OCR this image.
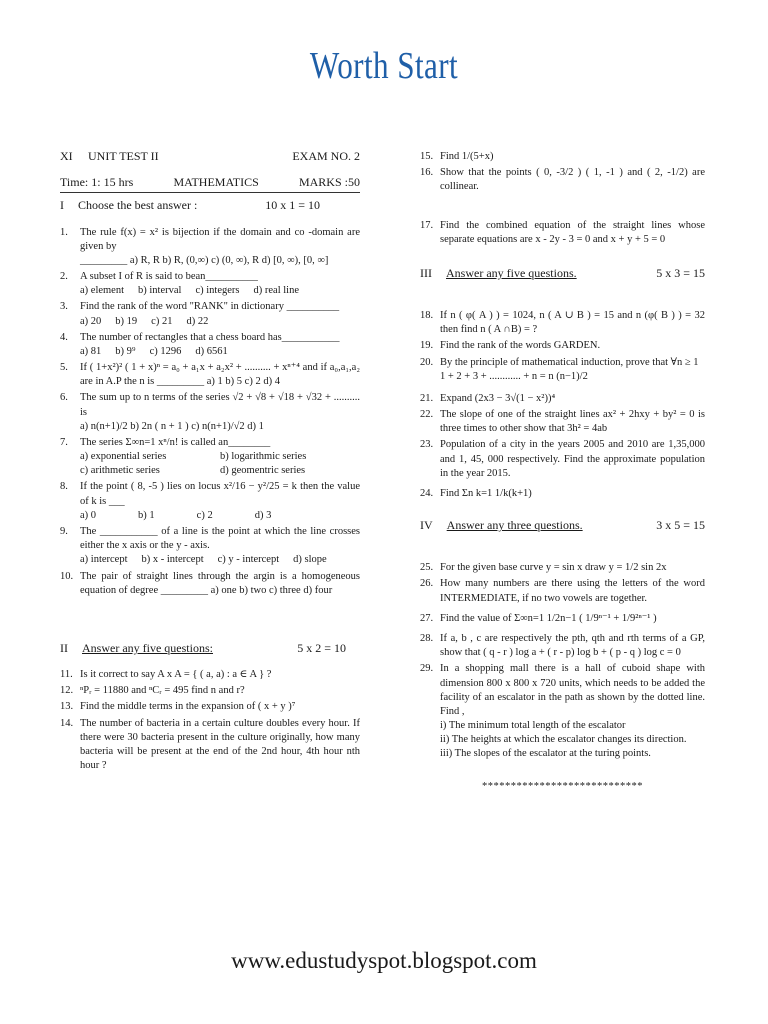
Worth Start
XI	UNIT TEST II	EXAM NO. 2
Time: 1: 15 hrs	MATHEMATICS	MARKS :50
I Choose the best answer :	10 x 1 = 10
1.	The rule f(x) = x² is bijection if the domain and co -domain are given by
_________ a) R, R b) R, (0,∞) c) (0, ∞), R d) [0, ∞), [0, ∞]
2.	A subset I of R is said to bean__________
a) element b) interval c) integers d) real line
3.	Find the rank of the word "RANK" in dictionary __________
a) 20 b) 19 c) 21 d) 22
4.	The number of rectangles that a chess board has___________
a) 81 b) 9⁹ c) 1296 d) 6561
5.	If ( 1+x²)² ( 1 + x)ⁿ = a₀ + a₁x + a₂x² + .......... + xⁿ⁺⁴ and if a₀,a₁,a₂ are in A.P the n is _________ a) 1 b) 5 c) 2 d) 4
6.	The sum up to n terms of the series √2 + √8 + √18 + √32 + .......... is
a) n(n+1)/2 b) 2n ( n + 1 ) c) n(n+1)/√2 d) 1
7.	The series Σ∞n=1 xⁿ/n! is called an________
a) exponential series	b) logarithmic series
c) arithmetic series	d) geomentric series
8.	If the point ( 8, -5 ) lies on locus x²/16 − y²/25 = k then the value of k is ___
a) 0	b) 1	c) 2	d) 3
9.	The ___________ of a line is the point at which the line crosses either the x axis or the y - axis.
a) intercept b) x - intercept c) y - intercept d) slope
10. The pair of straight lines through the argin is a homogeneous equation of degree _________ a) one b) two c) three d) four
II Answer any five questions:	5 x 2 = 10
11. Is it correct to say A x A = { ( a, a) : a ∈ A } ?
12. ⁿPᵣ = 11880 and ⁿCᵣ = 495 find n and r?
13. Find the middle terms in the expansion of ( x + y )⁷
14. The number of bacteria in a certain culture doubles every hour. If there were 30 bacteria present in the culture originally, how many bacteria will be present at the end of the 2nd hour, 4th hour nth hour ?
15. Find 1/(5+x)
16. Show that the points ( 0, -3/2 ) ( 1, -1 ) and ( 2, -1/2) are collinear.
17. Find the combined equation of the straight lines whose separate equations are x - 2y - 3 = 0 and x + y + 5 = 0
III Answer any five questions.	5 x 3 = 15
18. If n ( φ( A ) ) = 1024, n ( A ∪ B ) = 15 and n (φ( B ) ) = 32 then find n ( A ∩B) = ?
19. Find the rank of the words GARDEN.
20. By the principle of mathematical induction, prove that ∀n ≥ 1
1 + 2 + 3 + ............ + n = n (n−1)/2
21. Expand (2x3 − 3√(1 − x²))⁴
22. The slope of one of the straight lines ax² + 2hxy + by² = 0 is three times to other show that 3h² = 4ab
23. Population of a city in the years 2005 and 2010 are 1,35,000 and 1, 45, 000 respectively. Find the approximate population in the year 2015.
24. Find Σn k=1 1/k(k+1)
IV Answer any three questions.	3 x 5 = 15
25. For the given base curve y = sin x draw y = 1/2 sin 2x
26. How many numbers are there using the letters of the word INTERMEDIATE, if no two vowels are together.
27. Find the value of Σ∞n=1 1/2n−1 ( 1/9ⁿ⁻¹ + 1/9²ⁿ⁻¹ )
28. If a, b , c are respectively the pth, qth and rth terms of a GP, show that ( q - r ) log a + ( r - p) log b + ( p - q ) log c = 0
29. In a shopping mall there is a hall of cuboid shape with dimension 800 x 800 x 720 units, which needs to be added the facility of an escalator in the path as shown by the dotted line. Find ,
i) The minimum total length of the escalator
ii) The heights at which the escalator changes its direction.
iii) The slopes of the escalator at the turing points.
****************************
www.edustudyspot.blogspot.com
